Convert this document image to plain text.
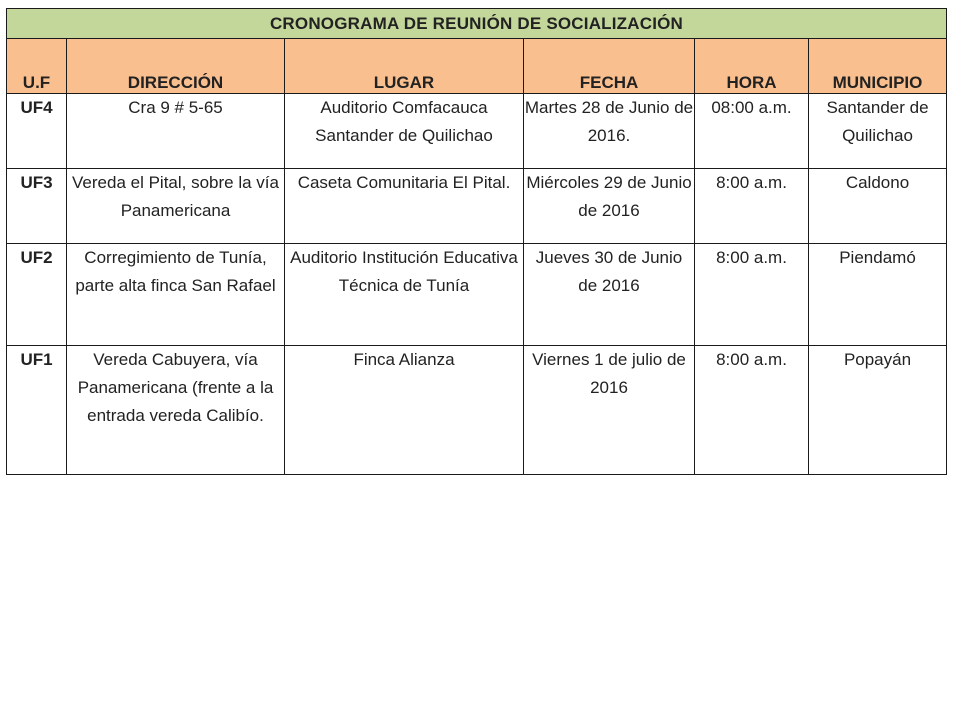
CRONOGRAMA DE REUNIÓN DE SOCIALIZACIÓN					
U.F	DIRECCIÓN	LUGAR	FECHA	HORA	MUNICIPIO
UF4	Cra 9 # 5-65	Auditorio Comfacauca Santander de Quilichao	Martes 28 de Junio de 2016.	08:00 a.m.	Santander de Quilichao
UF3	Vereda el Pital, sobre la vía Panamericana	Caseta Comunitaria El Pital.	Miércoles 29 de Junio de 2016	8:00 a.m.	Caldono
UF2	Corregimiento de Tunía, parte alta finca San Rafael	Auditorio Institución Educativa Técnica de Tunía	Jueves 30 de Junio de 2016	8:00 a.m.	Piendamó
UF1	Vereda Cabuyera, vía Panamericana (frente a la entrada vereda Calibío.	Finca Alianza	Viernes 1 de julio de 2016	8:00 a.m.	Popayán
